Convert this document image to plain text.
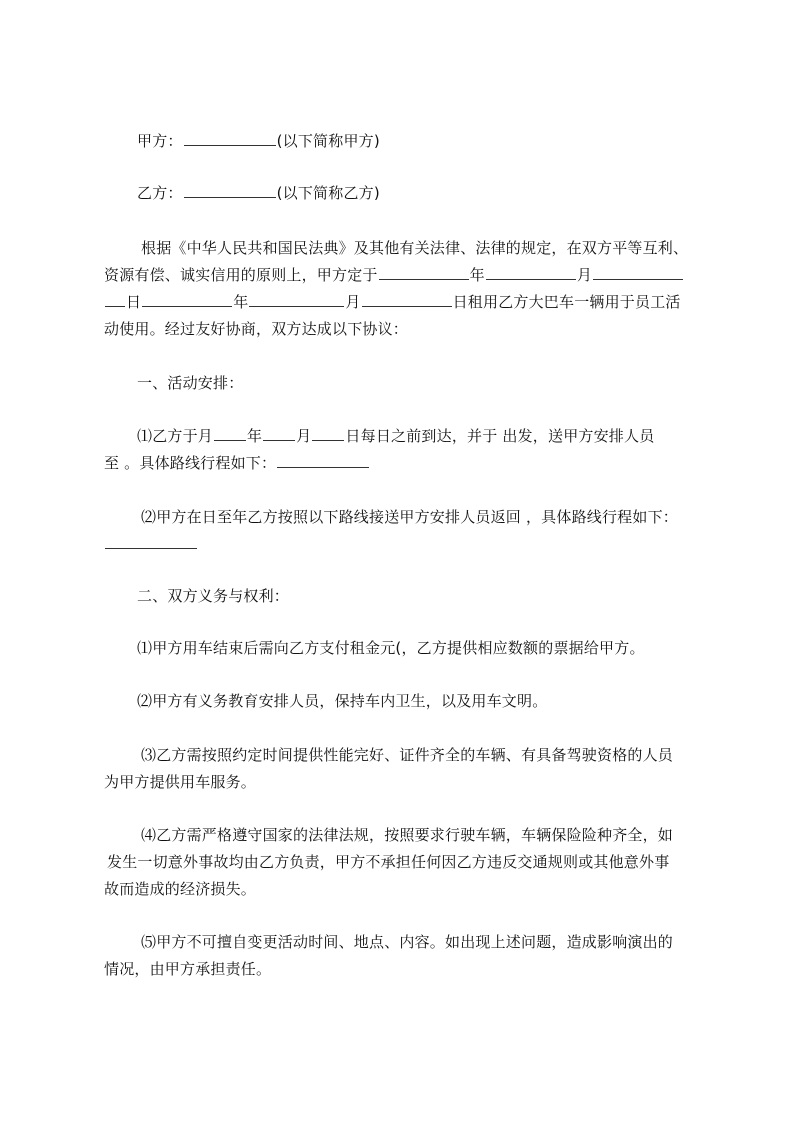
甲方：	(以下简称甲方)
乙方：	(以下简称乙方)
根据《中华人民共和国民法典》及其他有关法律、法律的规定，在双方平等互利、
资源有偿、诚实信用的原则上，甲方定于	年	月
日	年	月	日租用乙方大巴车一辆用于员工活
动使用。经过友好协商，双方达成以下协议：
一、活动安排：
⑴乙方于月 年 月 日每日之前到达，并于 出发，送甲方安排人员
至 。具体路线行程如下：
⑵甲方在日至年乙方按照以下路线接送甲方安排人员返回 ，具体路线行程如下：
二、双方义务与权利：
⑴甲方用车结束后需向乙方支付租金元(，乙方提供相应数额的票据给甲方。
⑵甲方有义务教育安排人员，保持车内卫生，以及用车文明。
⑶乙方需按照约定时间提供性能完好、证件齐全的车辆、有具备驾驶资格的人员
为甲方提供用车服务。
⑷乙方需严格遵守国家的法律法规，按照要求行驶车辆，车辆保险险种齐全，如
发生一切意外事故均由乙方负责，甲方不承担任何因乙方违反交通规则或其他意外事
故而造成的经济损失。
⑸甲方不可擅自变更活动时间、地点、内容。如出现上述问题，造成影响演出的
情况，由甲方承担责任。
